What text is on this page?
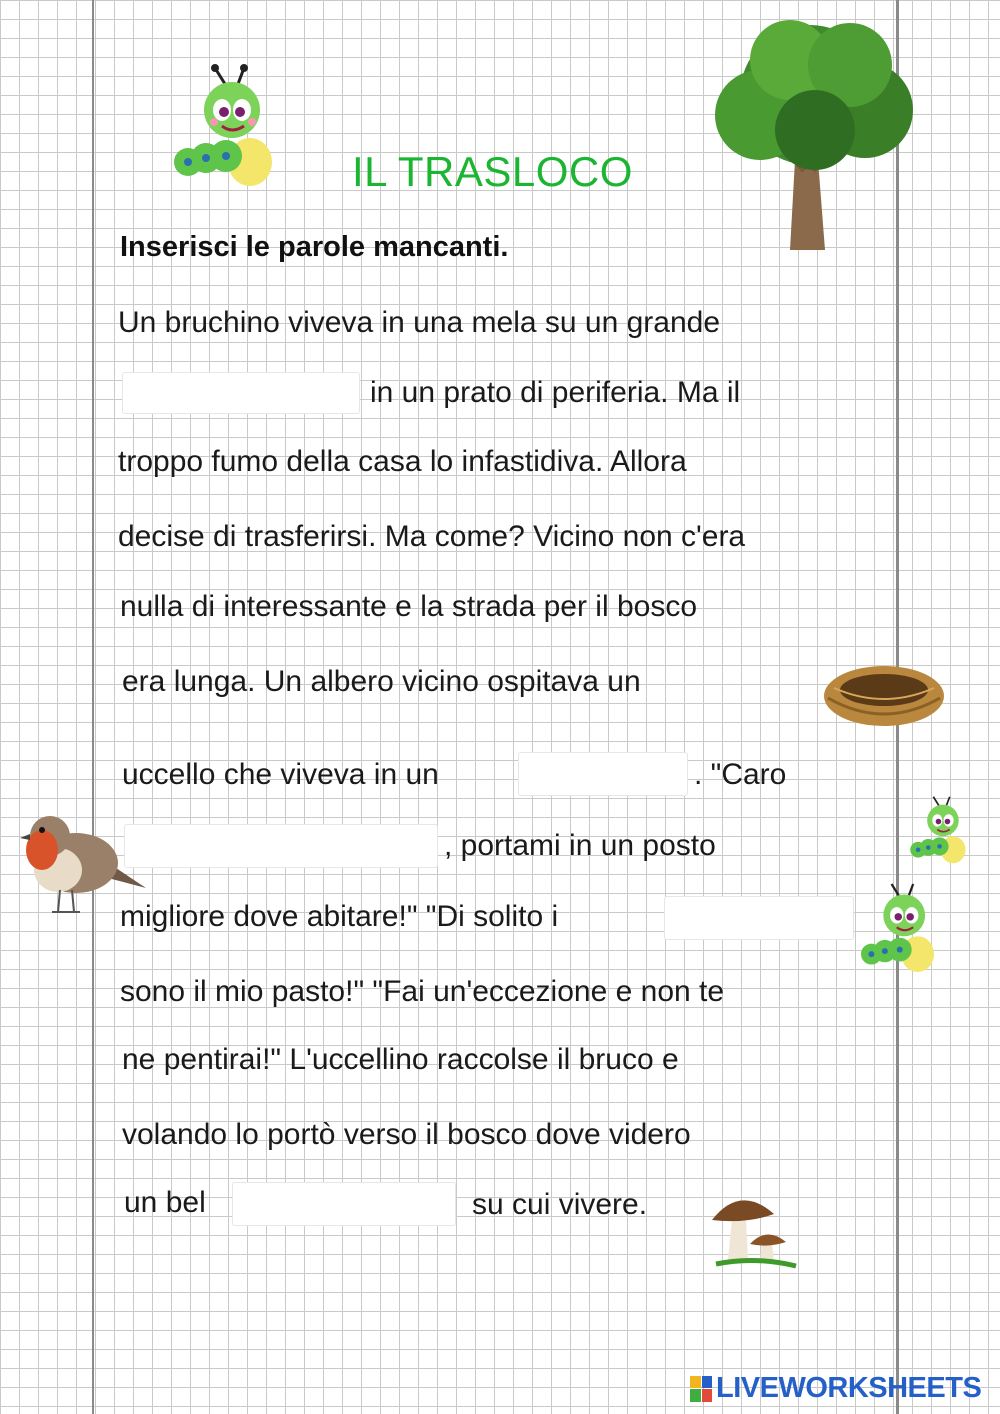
IL TRASLOCO
Inserisci le parole mancanti.
Un bruchino viveva in una mela su un grande
in un prato di periferia. Ma il
troppo fumo della casa lo infastidiva. Allora
decise di trasferirsi. Ma come? Vicino non c'era
nulla di interessante e la strada per il bosco
era lunga. Un albero vicino ospitava un
uccello che viveva in un	. "Caro
, portami in un posto
migliore dove abitare!" "Di solito i
sono il mio pasto!" "Fai un'eccezione e non te
ne pentirai!" L'uccellino raccolse il bruco e
volando lo portò verso il bosco dove videro
un bel	su cui vivere.
LIVEWORKSHEETS
